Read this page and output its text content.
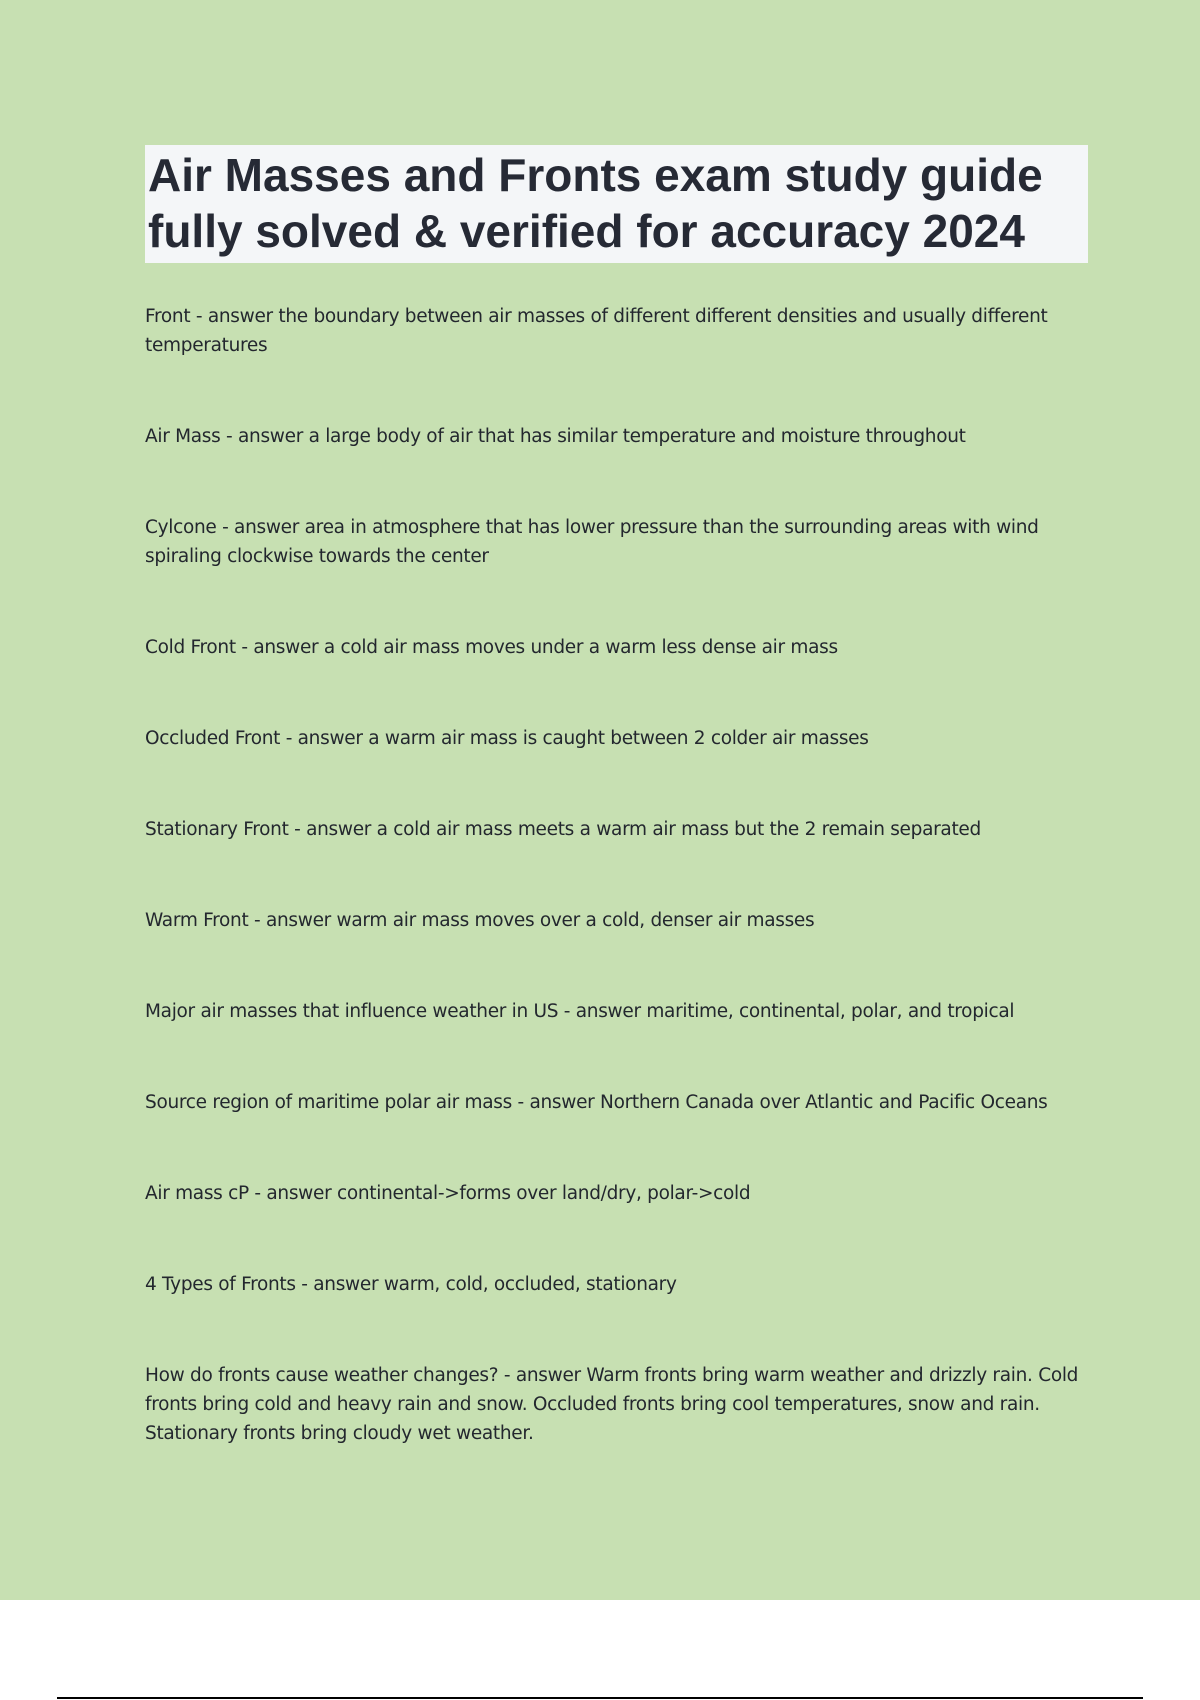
Air Masses and Fronts exam study guide
fully solved & verified for accuracy 2024

Front - answer the boundary between air masses of different different densities and usually different temperatures

Air Mass - answer a large body of air that has similar temperature and moisture throughout

Cylcone - answer area in atmosphere that has lower pressure than the surrounding areas with wind spiraling clockwise towards the center

Cold Front - answer a cold air mass moves under a warm less dense air mass

Occluded Front - answer a warm air mass is caught between 2 colder air masses

Stationary Front - answer a cold air mass meets a warm air mass but the 2 remain separated

Warm Front - answer warm air mass moves over a cold, denser air masses

Major air masses that influence weather in US - answer maritime, continental, polar, and tropical

Source region of maritime polar air mass - answer Northern Canada over Atlantic and Pacific Oceans

Air mass cP - answer continental->forms over land/dry, polar->cold

4 Types of Fronts - answer warm, cold, occluded, stationary

How do fronts cause weather changes? - answer Warm fronts bring warm weather and drizzly rain. Cold fronts bring cold and heavy rain and snow. Occluded fronts bring cool temperatures, snow and rain. Stationary fronts bring cloudy wet weather.
